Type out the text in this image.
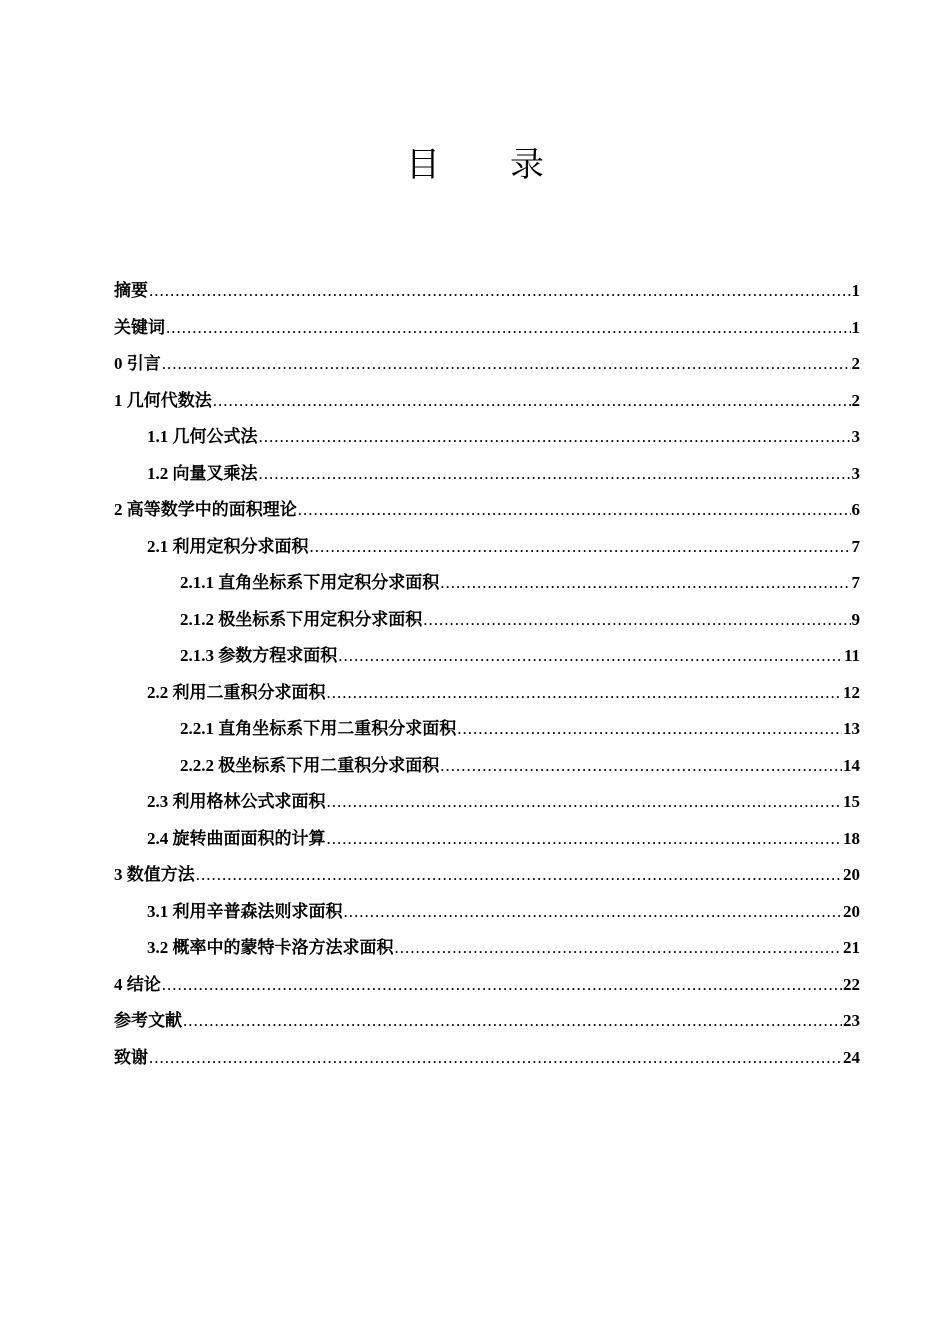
目 录
摘要 .....	1
关键词 .....	1
0 引言 .....	2
1 几何代数法 .....	2
1.1 几何公式法 .....	3
1.2 向量叉乘法 .....	3
2 高等数学中的面积理论 .....	6
2.1 利用定积分求面积 .....	7
2.1.1 直角坐标系下用定积分求面积 .....	7
2.1.2 极坐标系下用定积分求面积 .....	9
2.1.3 参数方程求面积 .....	11
2.2 利用二重积分求面积 .....	12
2.2.1 直角坐标系下用二重积分求面积 .....	13
2.2.2 极坐标系下用二重积分求面积 .....	14
2.3 利用格林公式求面积 .....	15
2.4 旋转曲面面积的计算 .....	18
3 数值方法 .....	20
3.1 利用辛普森法则求面积 .....	20
3.2 概率中的蒙特卡洛方法求面积 .....	21
4 结论 .....	22
参考文献 .....	23
致谢 .....	24
